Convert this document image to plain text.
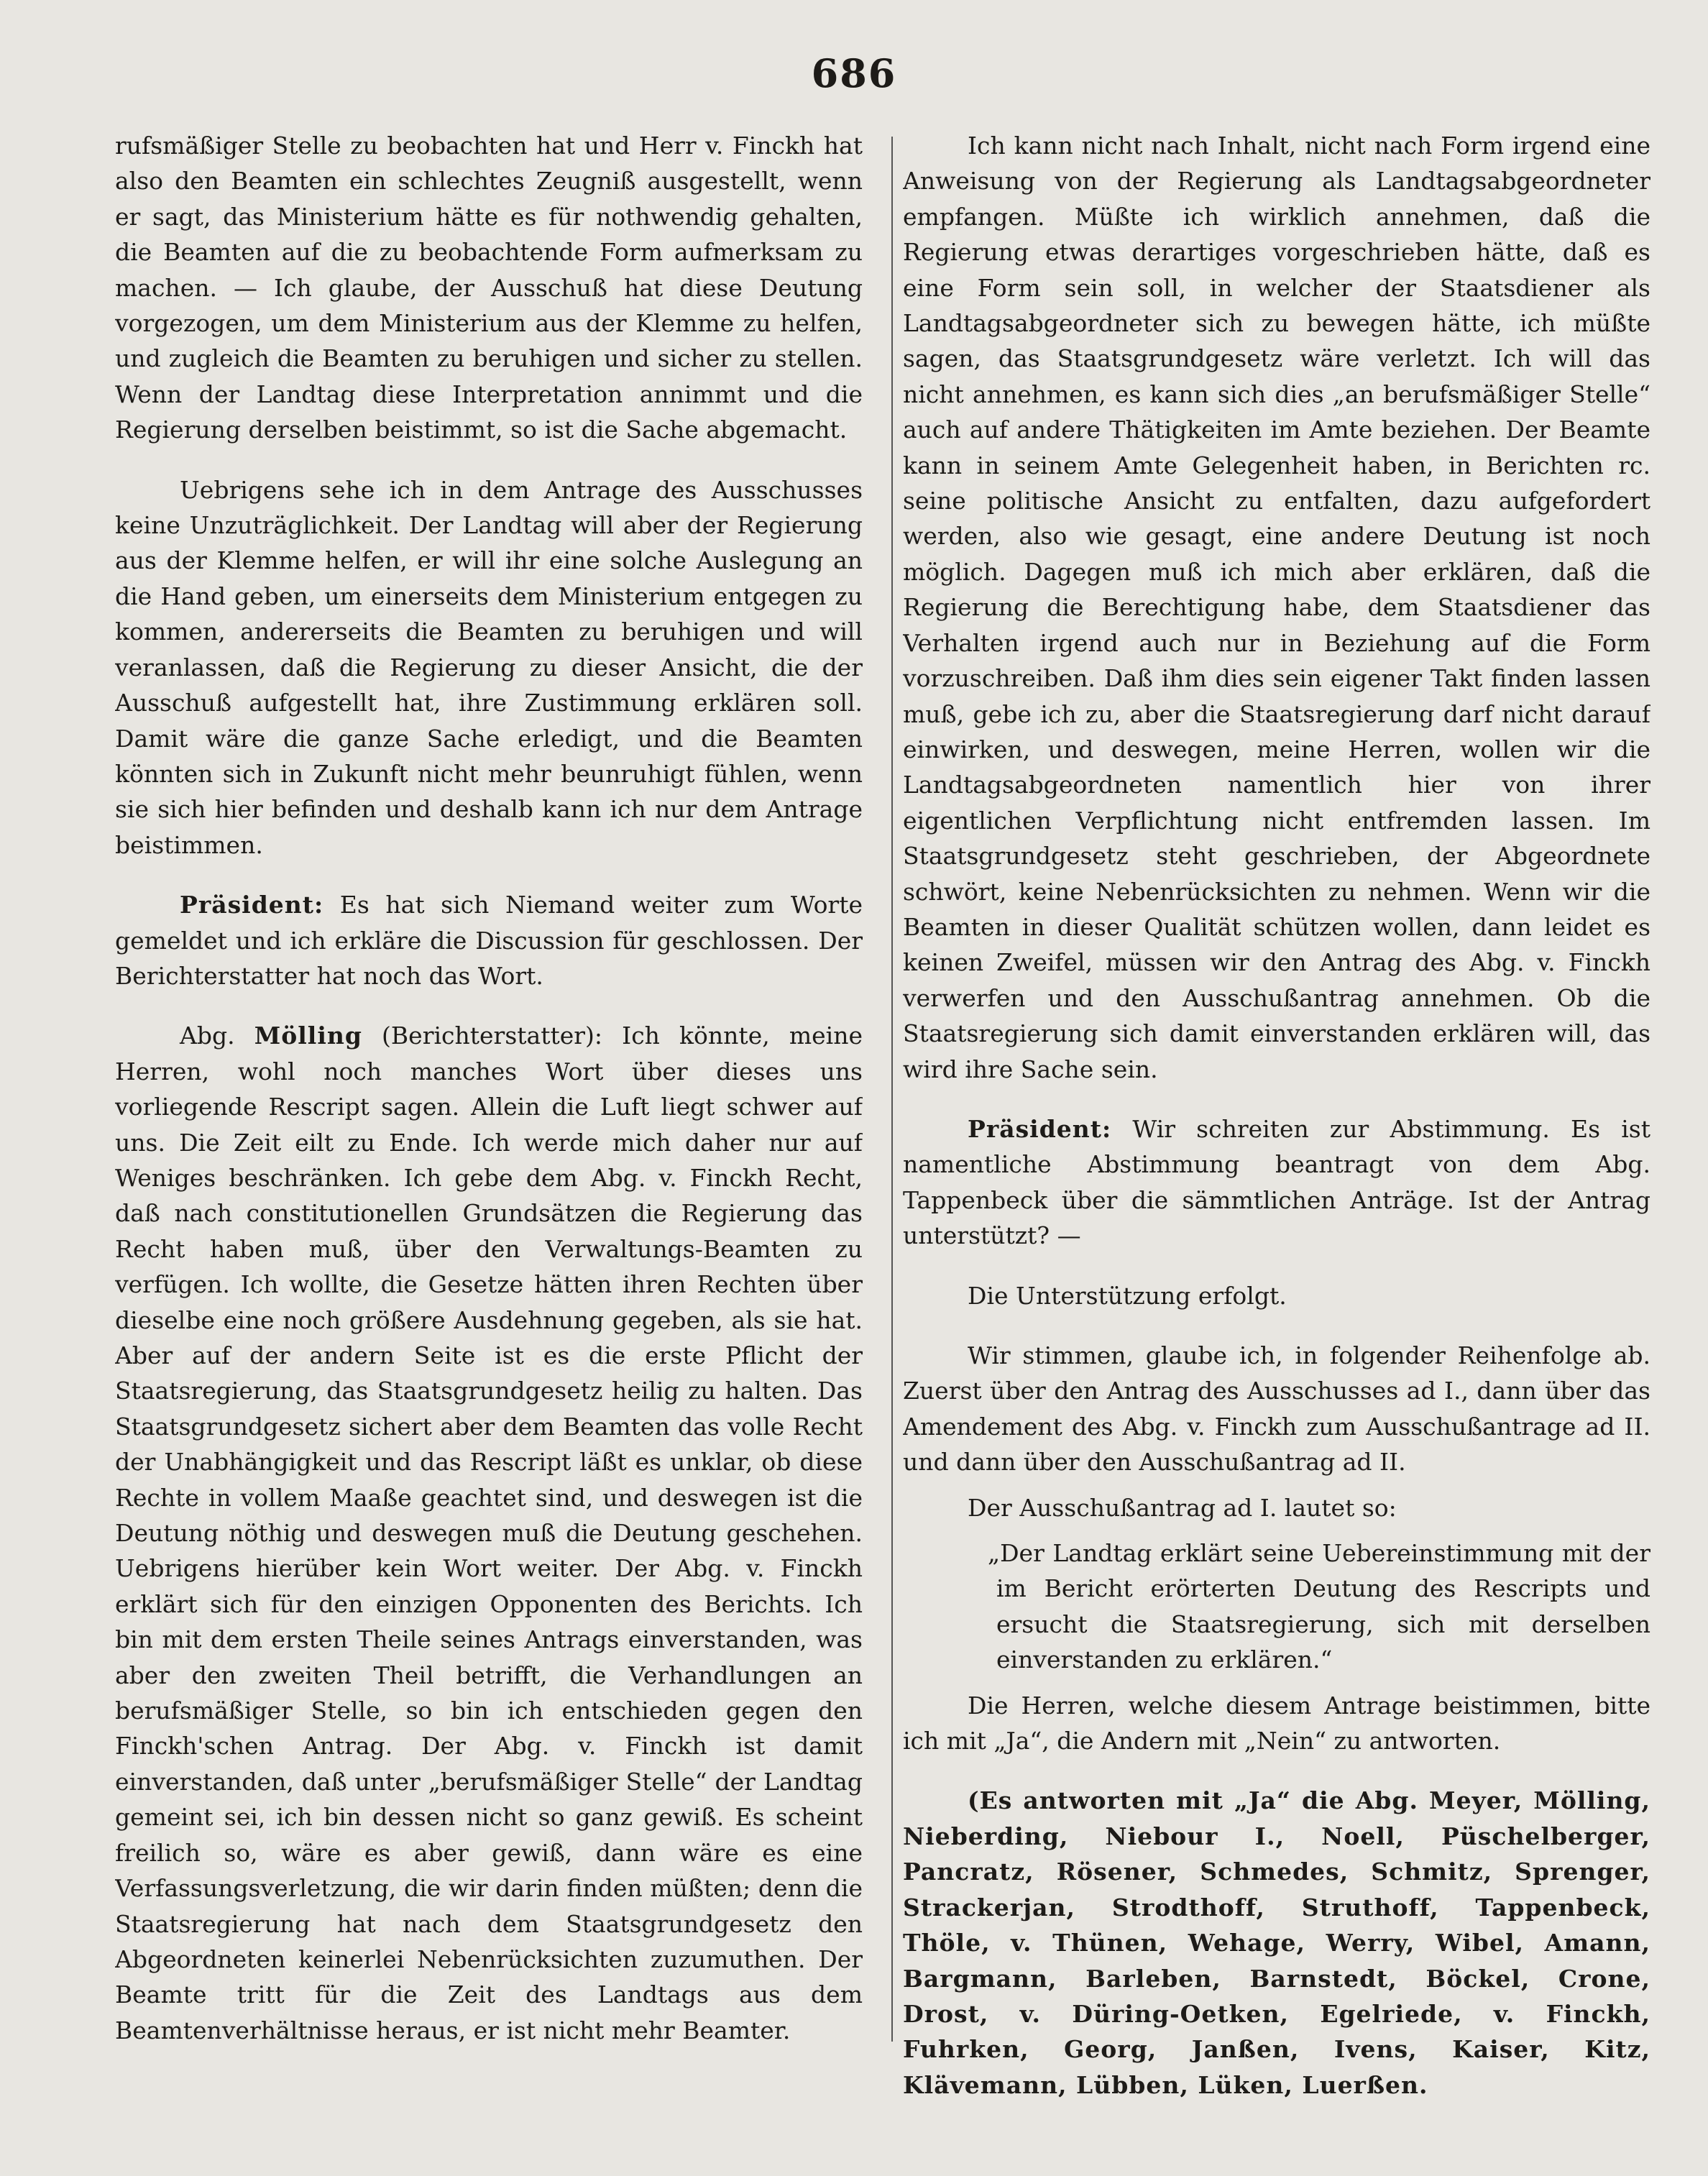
686

rufsmäßiger Stelle zu beobachten hat und Herr v. Finckh hat also den Beamten ein schlechtes Zeugniß ausgestellt, wenn er sagt, das Ministerium hätte es für nothwendig gehalten, die Beamten auf die zu beobachtende Form aufmerksam zu machen. — Ich glaube, der Ausschuß hat diese Deutung vorgezogen, um dem Ministerium aus der Klemme zu helfen, und zugleich die Beamten zu beruhigen und sicher zu stellen. Wenn der Landtag diese Interpretation annimmt und die Regierung derselben beistimmt, so ist die Sache abgemacht.

Uebrigens sehe ich in dem Antrage des Ausschusses keine Unzuträglichkeit. Der Landtag will aber der Regierung aus der Klemme helfen, er will ihr eine solche Auslegung an die Hand geben, um einerseits dem Ministerium entgegen zu kommen, andererseits die Beamten zu beruhigen und will veranlassen, daß die Regierung zu dieser Ansicht, die der Ausschuß aufgestellt hat, ihre Zustimmung erklären soll. Damit wäre die ganze Sache erledigt, und die Beamten könnten sich in Zukunft nicht mehr beunruhigt fühlen, wenn sie sich hier befinden und deshalb kann ich nur dem Antrage beistimmen.

Präsident: Es hat sich Niemand weiter zum Worte gemeldet und ich erkläre die Discussion für geschlossen. Der Berichterstatter hat noch das Wort.

Abg. Mölling (Berichterstatter): Ich könnte, meine Herren, wohl noch manches Wort über dieses uns vorliegende Rescript sagen. Allein die Luft liegt schwer auf uns. Die Zeit eilt zu Ende. Ich werde mich daher nur auf Weniges beschränken. Ich gebe dem Abg. v. Finckh Recht, daß nach constitutionellen Grundsätzen die Regierung das Recht haben muß, über den Verwaltungs-Beamten zu verfügen. Ich wollte, die Gesetze hätten ihren Rechten über dieselbe eine noch größere Ausdehnung gegeben, als sie hat. Aber auf der andern Seite ist es die erste Pflicht der Staatsregierung, das Staatsgrundgesetz heilig zu halten. Das Staatsgrundgesetz sichert aber dem Beamten das volle Recht der Unabhängigkeit und das Rescript läßt es unklar, ob diese Rechte in vollem Maaße geachtet sind, und deswegen ist die Deutung nöthig und deswegen muß die Deutung geschehen. Uebrigens hierüber kein Wort weiter. Der Abg. v. Finckh erklärt sich für den einzigen Opponenten des Berichts. Ich bin mit dem ersten Theile seines Antrags einverstanden, was aber den zweiten Theil betrifft, die Verhandlungen an berufsmäßiger Stelle, so bin ich entschieden gegen den Finckh'schen Antrag. Der Abg. v. Finckh ist damit einverstanden, daß unter „berufsmäßiger Stelle“ der Landtag gemeint sei, ich bin dessen nicht so ganz gewiß. Es scheint freilich so, wäre es aber gewiß, dann wäre es eine Verfassungsverletzung, die wir darin finden müßten; denn die Staatsregierung hat nach dem Staatsgrundgesetz den Abgeordneten keinerlei Nebenrücksichten zuzumuthen. Der Beamte tritt für die Zeit des Landtags aus dem Beamtenverhältnisse heraus, er ist nicht mehr Beamter.

Ich kann nicht nach Inhalt, nicht nach Form irgend eine Anweisung von der Regierung als Landtagsabgeordneter empfangen. Müßte ich wirklich annehmen, daß die Regierung etwas derartiges vorgeschrieben hätte, daß es eine Form sein soll, in welcher der Staatsdiener als Landtagsabgeordneter sich zu bewegen hätte, ich müßte sagen, das Staatsgrundgesetz wäre verletzt. Ich will das nicht annehmen, es kann sich dies „an berufsmäßiger Stelle“ auch auf andere Thätigkeiten im Amte beziehen. Der Beamte kann in seinem Amte Gelegenheit haben, in Berichten rc. seine politische Ansicht zu entfalten, dazu aufgefordert werden, also wie gesagt, eine andere Deutung ist noch möglich. Dagegen muß ich mich aber erklären, daß die Regierung die Berechtigung habe, dem Staatsdiener das Verhalten irgend auch nur in Beziehung auf die Form vorzuschreiben. Daß ihm dies sein eigener Takt finden lassen muß, gebe ich zu, aber die Staatsregierung darf nicht darauf einwirken, und deswegen, meine Herren, wollen wir die Landtagsabgeordneten namentlich hier von ihrer eigentlichen Verpflichtung nicht entfremden lassen. Im Staatsgrundgesetz steht geschrieben, der Abgeordnete schwört, keine Nebenrücksichten zu nehmen. Wenn wir die Beamten in dieser Qualität schützen wollen, dann leidet es keinen Zweifel, müssen wir den Antrag des Abg. v. Finckh verwerfen und den Ausschußantrag annehmen. Ob die Staatsregierung sich damit einverstanden erklären will, das wird ihre Sache sein.

Präsident: Wir schreiten zur Abstimmung. Es ist namentliche Abstimmung beantragt von dem Abg. Tappenbeck über die sämmtlichen Anträge. Ist der Antrag unterstützt? —

Die Unterstützung erfolgt.

Wir stimmen, glaube ich, in folgender Reihenfolge ab. Zuerst über den Antrag des Ausschusses ad I., dann über das Amendement des Abg. v. Finckh zum Ausschußantrage ad II. und dann über den Ausschußantrag ad II.

Der Ausschußantrag ad I. lautet so:

„Der Landtag erklärt seine Uebereinstimmung mit der im Bericht erörterten Deutung des Rescripts und ersucht die Staatsregierung, sich mit derselben einverstanden zu erklären.“

Die Herren, welche diesem Antrage beistimmen, bitte ich mit „Ja“, die Andern mit „Nein“ zu antworten.

(Es antworten mit „Ja“ die Abg. Meyer, Mölling, Nieberding, Niebour I., Noell, Püschelberger, Pancratz, Rösener, Schmedes, Schmitz, Sprenger, Strackerjan, Strodthoff, Struthoff, Tappenbeck, Thöle, v. Thünen, Wehage, Werry, Wibel, Amann, Bargmann, Barleben, Barnstedt, Böckel, Crone, Drost, v. Düring-Oetken, Egelriede, v. Finckh, Fuhrken, Georg, Janßen, Ivens, Kaiser, Kitz, Klävemann, Lübben, Lüken, Luerßen.
